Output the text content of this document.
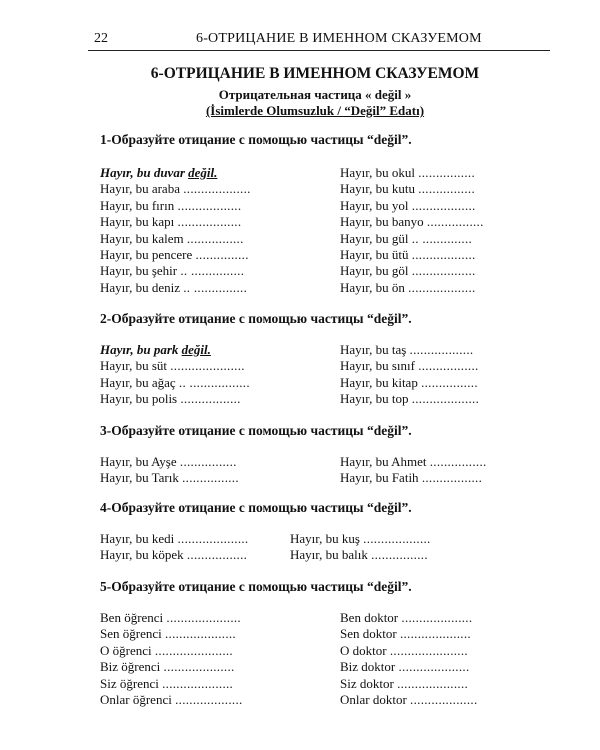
22	6-ОТРИЦАНИЕ В ИМЕННОМ СКАЗУЕМОМ

6-ОТРИЦАНИЕ В ИМЕННОМ СКАЗУЕМОМ
Отрицательная частица « değil »
(İsimlerde Olumsuzluk / “Değil” Edatı)
1-Образуйте отицание с помощью частицы “değil”.
Hayır, bu duvar değil.
Hayır, bu araba ...................
Hayır, bu fırın ..................
Hayır, bu kapı ..................
Hayır, bu kalem ................
Hayır, bu pencere ...............
Hayır, bu şehir .. ...............
Hayır, bu deniz .. ...............
Hayır, bu okul ................
Hayır, bu kutu ................
Hayır, bu yol ..................
Hayır, bu banyo ................
Hayır, bu gül .. ..............
Hayır, bu ütü ..................
Hayır, bu göl ..................
Hayır, bu ön ...................
2-Образуйте отицание с помощью частицы “değil”.
Hayır, bu park değil.
Hayır, bu süt .....................
Hayır, bu ağaç .. .................
Hayır, bu polis .................
Hayır, bu taş ..................
Hayır, bu sınıf .................
Hayır, bu kitap ................
Hayır, bu top ...................
3-Образуйте отицание с помощью частицы “değil”.
Hayır, bu Ayşe ................
Hayır, bu Tarık ................
Hayır, bu Ahmet ................
Hayır, bu Fatih .................
4-Образуйте отицание с помощью частицы “değil”.
Hayır, bu kedi ....................
Hayır, bu köpek .................
Hayır, bu kuş ...................
Hayır, bu balık ................
5-Образуйте отицание с помощью частицы “değil”.
Ben öğrenci .....................
Sen öğrenci ....................
O öğrenci ......................
Biz öğrenci ....................
Siz öğrenci ....................
Onlar öğrenci ...................
Ben doktor ....................
Sen doktor ....................
O doktor ......................
Biz doktor ....................
Siz doktor ....................
Onlar doktor ...................
